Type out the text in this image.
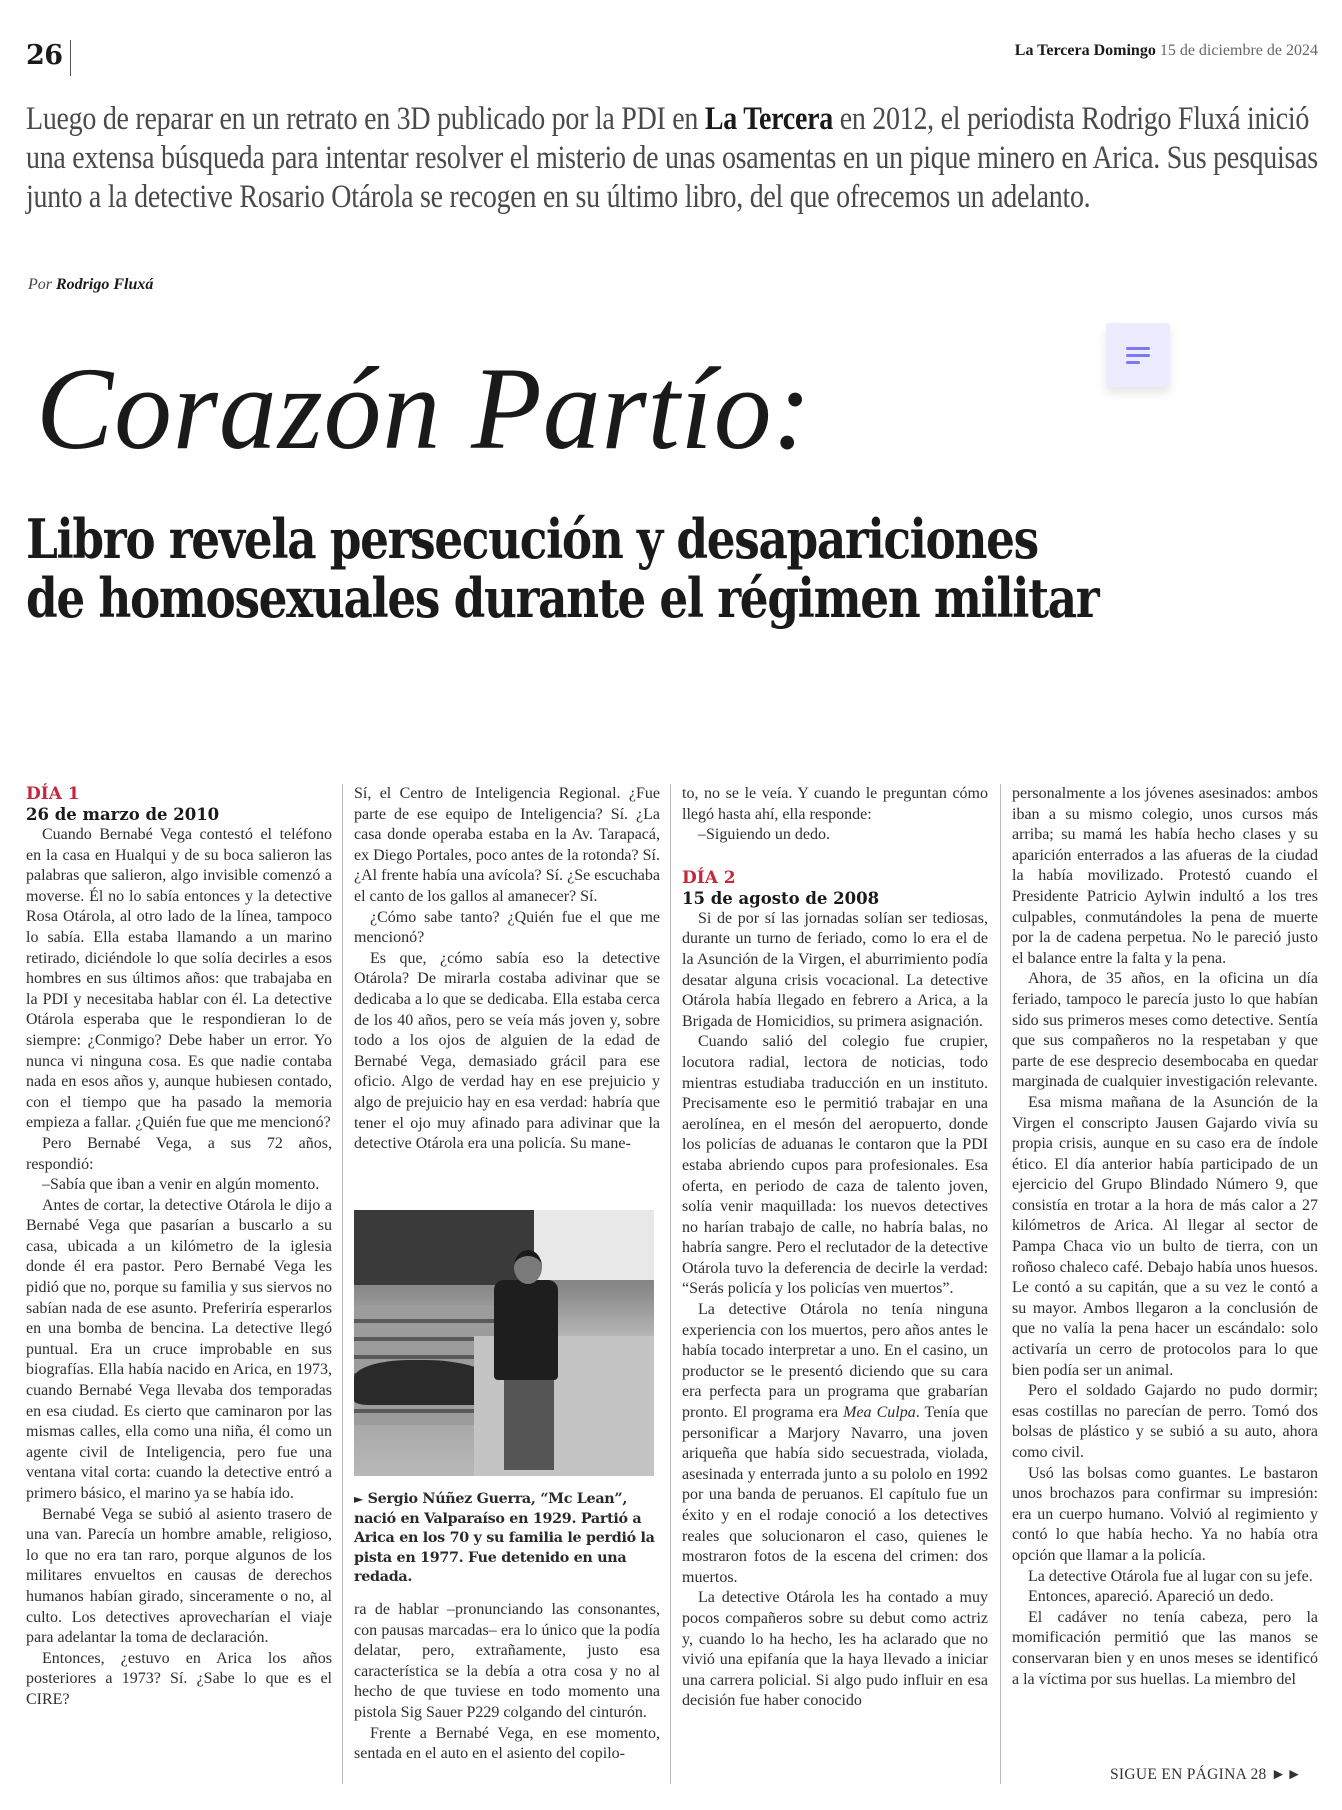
26	La Tercera Domingo 15 de diciembre de 2024
Luego de reparar en un retrato en 3D publicado por la PDI en La Tercera en 2012, el periodista Rodrigo Fluxá inició una extensa búsqueda para intentar resolver el misterio de unas osamentas en un pique minero en Arica. Sus pesquisas junto a la detective Rosario Otárola se recogen en su último libro, del que ofrecemos un adelanto.
Por Rodrigo Fluxá
Corazón Partío:
Libro revela persecución y desapariciones
de homosexuales durante el régimen militar
DÍA 1
26 de marzo de 2010

Cuando Bernabé Vega contestó el teléfono en la casa en Hualqui y de su boca salieron las palabras que salieron, algo invisible comenzó a moverse. Él no lo sabía entonces y la detective Rosa Otárola, al otro lado de la línea, tampoco lo sabía. Ella estaba llamando a un marino retirado, diciéndole lo que solía decirles a esos hombres en sus últimos años: que trabajaba en la PDI y necesitaba hablar con él. La detective Otárola esperaba que le respondieran lo de siempre: ¿Conmigo? Debe haber un error. Yo nunca vi ninguna cosa. Es que nadie contaba nada en esos años y, aunque hubiesen contado, con el tiempo que ha pasado la memoria empieza a fallar. ¿Quién fue que me mencionó?

Pero Bernabé Vega, a sus 72 años, respondió:

–Sabía que iban a venir en algún momento.

Antes de cortar, la detective Otárola le dijo a Bernabé Vega que pasarían a buscarlo a su casa, ubicada a un kilómetro de la iglesia donde él era pastor. Pero Bernabé Vega les pidió que no, porque su familia y sus siervos no sabían nada de ese asunto. Preferiría esperarlos en una bomba de bencina. La detective llegó puntual. Era un cruce improbable en sus biografías. Ella había nacido en Arica, en 1973, cuando Bernabé Vega llevaba dos temporadas en esa ciudad. Es cierto que caminaron por las mismas calles, ella como una niña, él como un agente civil de Inteligencia, pero fue una ventana vital corta: cuando la detective entró a primero básico, el marino ya se había ido.

Bernabé Vega se subió al asiento trasero de una van. Parecía un hombre amable, religioso, lo que no era tan raro, porque algunos de los militares envueltos en causas de derechos humanos habían girado, sinceramente o no, al culto. Los detectives aprovecharían el viaje para adelantar la toma de declaración.

Entonces, ¿estuvo en Arica los años posteriores a 1973? Sí. ¿Sabe lo que es el CIRE?

Sí, el Centro de Inteligencia Regional. ¿Fue parte de ese equipo de Inteligencia? Sí. ¿La casa donde operaba estaba en la Av. Tarapacá, ex Diego Portales, poco antes de la rotonda? Sí. ¿Al frente había una avícola? Sí. ¿Se escuchaba el canto de los gallos al amanecer? Sí.

¿Cómo sabe tanto? ¿Quién fue el que me mencionó?

Es que, ¿cómo sabía eso la detective Otárola? De mirarla costaba adivinar que se dedicaba a lo que se dedicaba. Ella estaba cerca de los 40 años, pero se veía más joven y, sobre todo a los ojos de alguien de la edad de Bernabé Vega, demasiado grácil para ese oficio. Algo de verdad hay en ese prejuicio y algo de prejuicio hay en esa verdad: habría que tener el ojo muy afinado para adivinar que la detective Otárola era una policía. Su mane-

► Sergio Núñez Guerra, “Mc Lean”, nació en Valparaíso en 1929. Partió a Arica en los 70 y su familia le perdió la pista en 1977. Fue detenido en una redada.

ra de hablar –pronunciando las consonantes, con pausas marcadas– era lo único que la podía delatar, pero, extrañamente, justo esa característica se la debía a otra cosa y no al hecho de que tuviese en todo momento una pistola Sig Sauer P229 colgando del cinturón.

Frente a Bernabé Vega, en ese momento, sentada en el auto en el asiento del copilo-

to, no se le veía. Y cuando le preguntan cómo llegó hasta ahí, ella responde:

–Siguiendo un dedo.

DÍA 2
15 de agosto de 2008

Si de por sí las jornadas solían ser tediosas, durante un turno de feriado, como lo era el de la Asunción de la Virgen, el aburrimiento podía desatar alguna crisis vocacional. La detective Otárola había llegado en febrero a Arica, a la Brigada de Homicidios, su primera asignación.

Cuando salió del colegio fue crupier, locutora radial, lectora de noticias, todo mientras estudiaba traducción en un instituto. Precisamente eso le permitió trabajar en una aerolínea, en el mesón del aeropuerto, donde los policías de aduanas le contaron que la PDI estaba abriendo cupos para profesionales. Esa oferta, en periodo de caza de talento joven, solía venir maquillada: los nuevos detectives no harían trabajo de calle, no habría balas, no habría sangre. Pero el reclutador de la detective Otárola tuvo la deferencia de decirle la verdad: “Serás policía y los policías ven muertos”.

La detective Otárola no tenía ninguna experiencia con los muertos, pero años antes le había tocado interpretar a uno. En el casino, un productor se le presentó diciendo que su cara era perfecta para un programa que grabarían pronto. El programa era Mea Culpa. Tenía que personificar a Marjory Navarro, una joven ariqueña que había sido secuestrada, violada, asesinada y enterrada junto a su pololo en 1992 por una banda de peruanos. El capítulo fue un éxito y en el rodaje conoció a los detectives reales que solucionaron el caso, quienes le mostraron fotos de la escena del crimen: dos muertos.

La detective Otárola les ha contado a muy pocos compañeros sobre su debut como actriz y, cuando lo ha hecho, les ha aclarado que no vivió una epifanía que la haya llevado a iniciar una carrera policial. Si algo pudo influir en esa decisión fue haber conocido

personalmente a los jóvenes asesinados: ambos iban a su mismo colegio, unos cursos más arriba; su mamá les había hecho clases y su aparición enterrados a las afueras de la ciudad la había movilizado. Protestó cuando el Presidente Patricio Aylwin indultó a los tres culpables, conmutándoles la pena de muerte por la de cadena perpetua. No le pareció justo el balance entre la falta y la pena.

Ahora, de 35 años, en la oficina un día feriado, tampoco le parecía justo lo que habían sido sus primeros meses como detective. Sentía que sus compañeros no la respetaban y que parte de ese desprecio desembocaba en quedar marginada de cualquier investigación relevante.

Esa misma mañana de la Asunción de la Virgen el conscripto Jausen Gajardo vivía su propia crisis, aunque en su caso era de índole ético. El día anterior había participado de un ejercicio del Grupo Blindado Número 9, que consistía en trotar a la hora de más calor a 27 kilómetros de Arica. Al llegar al sector de Pampa Chaca vio un bulto de tierra, con un roñoso chaleco café. Debajo había unos huesos. Le contó a su capitán, que a su vez le contó a su mayor. Ambos llegaron a la conclusión de que no valía la pena hacer un escándalo: solo activaría un cerro de protocolos para lo que bien podía ser un animal.

Pero el soldado Gajardo no pudo dormir; esas costillas no parecían de perro. Tomó dos bolsas de plástico y se subió a su auto, ahora como civil.

Usó las bolsas como guantes. Le bastaron unos brochazos para confirmar su impresión: era un cuerpo humano. Volvió al regimiento y contó lo que había hecho. Ya no había otra opción que llamar a la policía.

La detective Otárola fue al lugar con su jefe.

Entonces, apareció. Apareció un dedo.

El cadáver no tenía cabeza, pero la momificación permitió que las manos se conservaran bien y en unos meses se identificó a la víctima por sus huellas. La miembro del

SIGUE EN PÁGINA 28 ►►
